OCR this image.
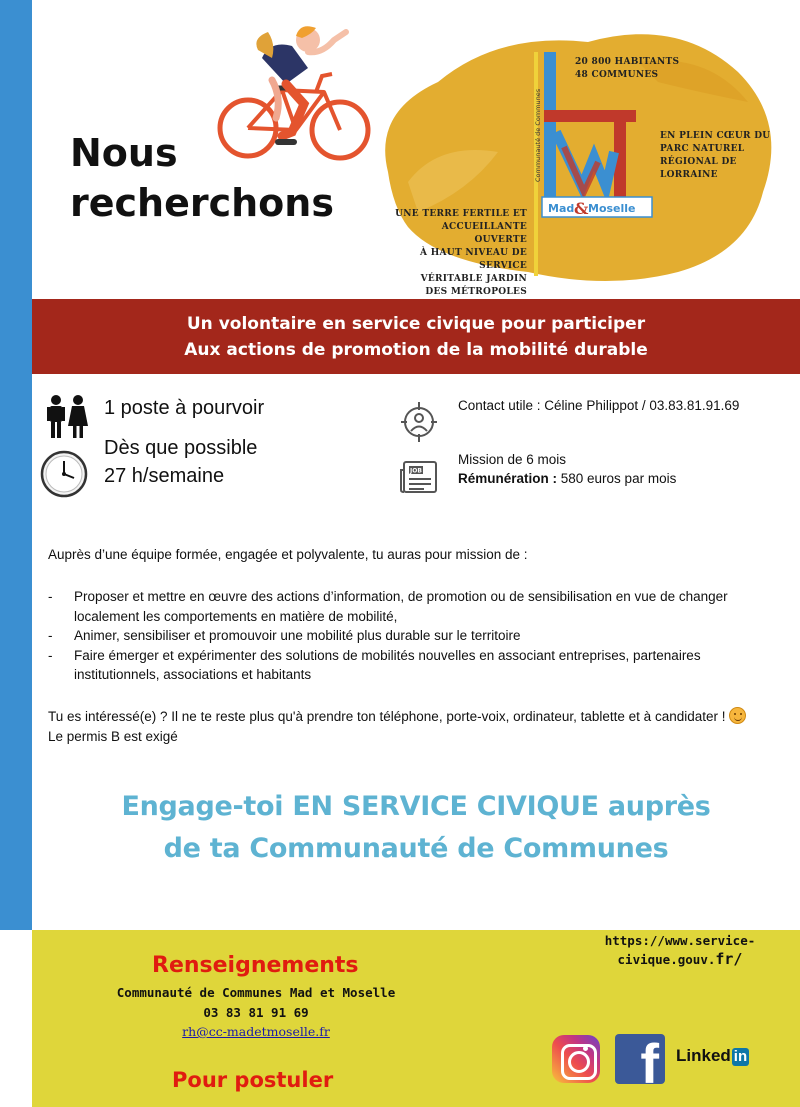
Nous
recherchons
20 800 HABITANTS
48 COMMUNES
EN PLEIN CŒUR DU
PARC NATUREL
RÉGIONAL DE
LORRAINE
UNE TERRE FERTILE ET ACCUEILLANTE
OUVERTE
À HAUT NIVEAU DE SERVICE
VÉRITABLE JARDIN
DES MÉTROPOLES
Mad & Moselle
Communauté de Communes
Un volontaire en service civique pour participer
Aux actions de promotion de la mobilité durable
1 poste à pourvoir
Dès que possible
27 h/semaine
Contact utile : Céline Philippot / 03.83.81.91.69
JOB
Mission de 6 mois
Rémunération : 580 euros par mois
Auprès d’une équipe formée, engagée et polyvalente, tu auras pour mission de :
- Proposer et mettre en œuvre des actions d’information, de promotion ou de sensibilisation en vue de changer localement les comportements en matière de mobilité,
- Animer, sensibiliser et promouvoir une mobilité plus durable sur le territoire
- Faire émerger et expérimenter des solutions de mobilités nouvelles en associant entreprises, partenaires institutionnels, associations et habitants
Tu es intéressé(e) ? Il ne te reste plus qu'à prendre ton téléphone, porte-voix, ordinateur, tablette et à candidater !  Le permis B est exigé
Engage-toi EN SERVICE CIVIQUE auprès
de ta Communauté de Communes
Renseignements
Communauté de Communes Mad et Moselle
03 83 81 91 69
rh@cc-madetmoselle.fr
Pour postuler
https://www.service-
civique.gouv.fr/
f Linked in
